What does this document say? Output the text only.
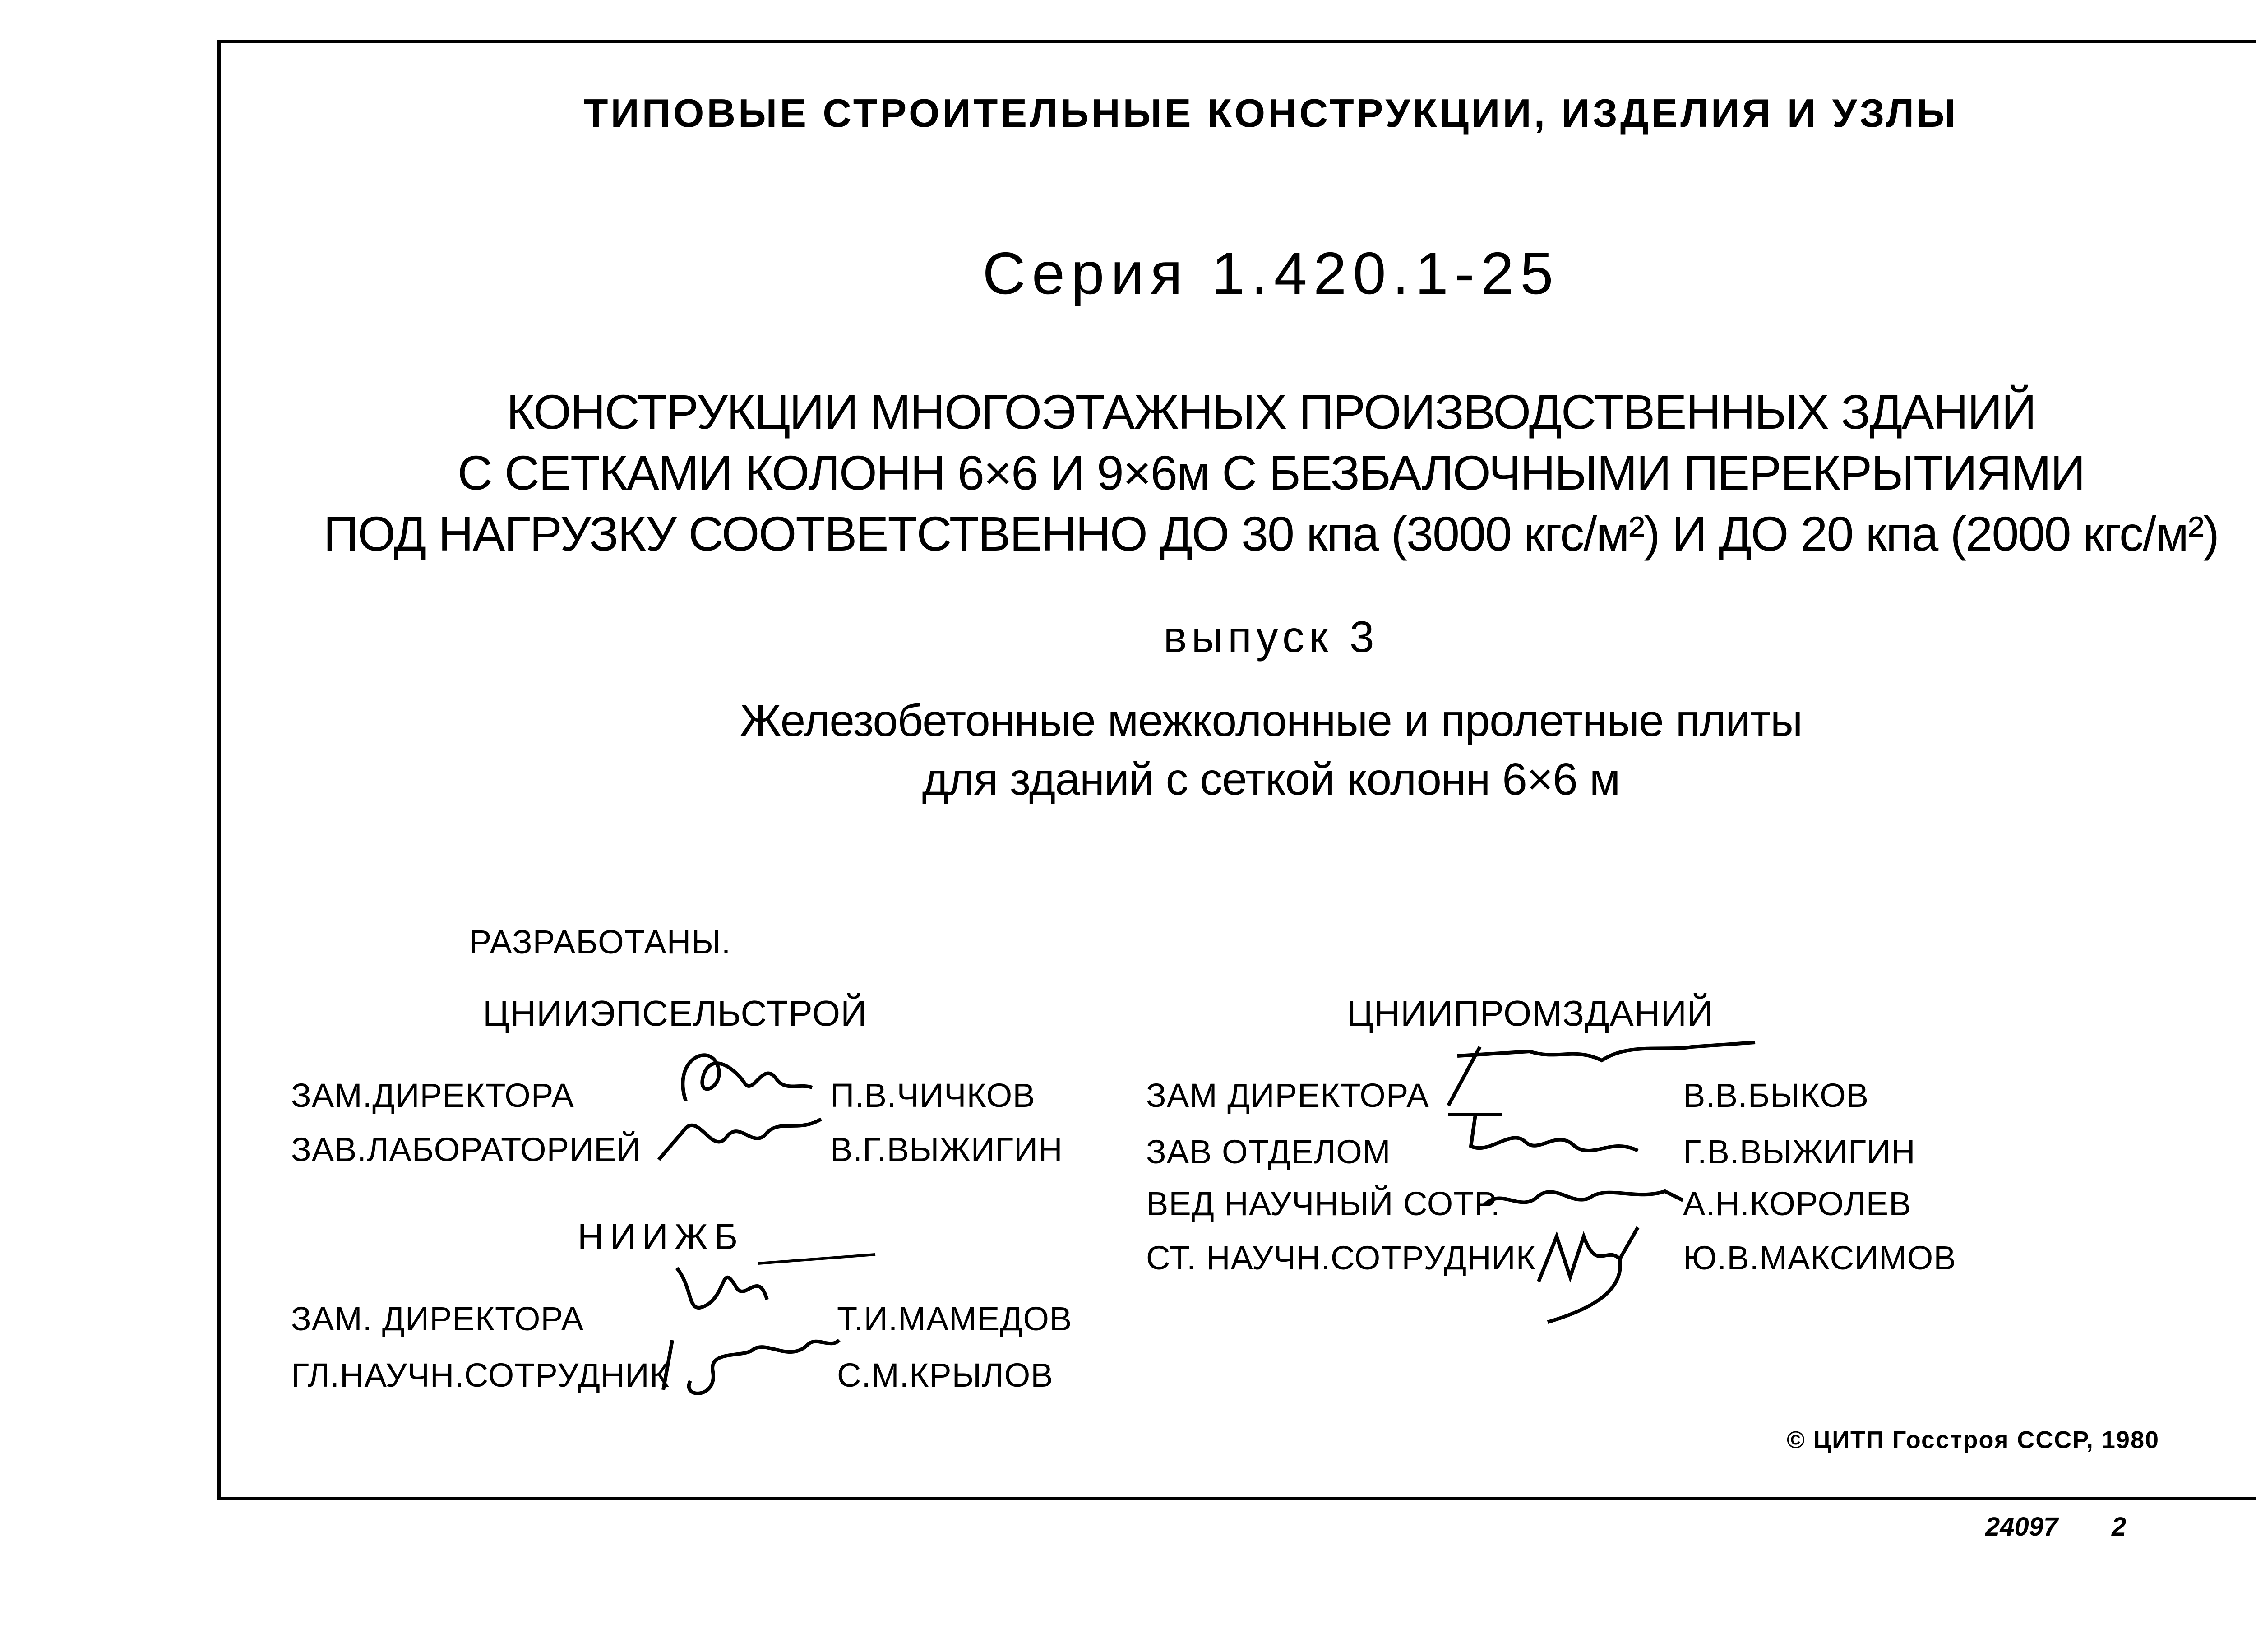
ТИПОВЫЕ СТРОИТЕЛЬНЫЕ КОНСТРУКЦИИ, ИЗДЕЛИЯ И УЗЛЫ
Серия 1.420.1-25
КОНСТРУКЦИИ МНОГОЭТАЖНЫХ ПРОИЗВОДСТВЕННЫХ ЗДАНИЙ
С СЕТКАМИ КОЛОНН 6×6 И 9×6м С БЕЗБАЛОЧНЫМИ ПЕРЕКРЫТИЯМИ
ПОД НАГРУЗКУ СООТВЕТСТВЕННО ДО 30 кпа (3000 кгс/м²) И ДО 20 кпа (2000 кгс/м²)
выпуск 3
Железобетонные межколонные и пролетные плиты
для зданий с сеткой колонн 6×6 м
РАЗРАБОТАНЫ.
ЦНИИЭПСЕЛЬСТРОЙ
ЗАМ.ДИРЕКТОРА	П.В.ЧИЧКОВ
ЗАВ.ЛАБОРАТОРИЕЙ	В.Г.ВЫЖИГИН
НИИЖБ
ЗАМ. ДИРЕКТОРА	Т.И.МАМЕДОВ
ГЛ.НАУЧН.СОТРУДНИК	С.М.КРЫЛОВ
ЦНИИПРОМЗДАНИЙ
ЗАМ ДИРЕКТОРА	В.В.БЫКОВ
ЗАВ ОТДЕЛОМ	Г.В.ВЫЖИГИН
ВЕД НАУЧНЫЙ СОТР.	А.Н.КОРОЛЕВ
СТ. НАУЧН.СОТРУДНИК	Ю.В.МАКСИМОВ
© ЦИТП Госстроя СССР, 1980
24097 2
